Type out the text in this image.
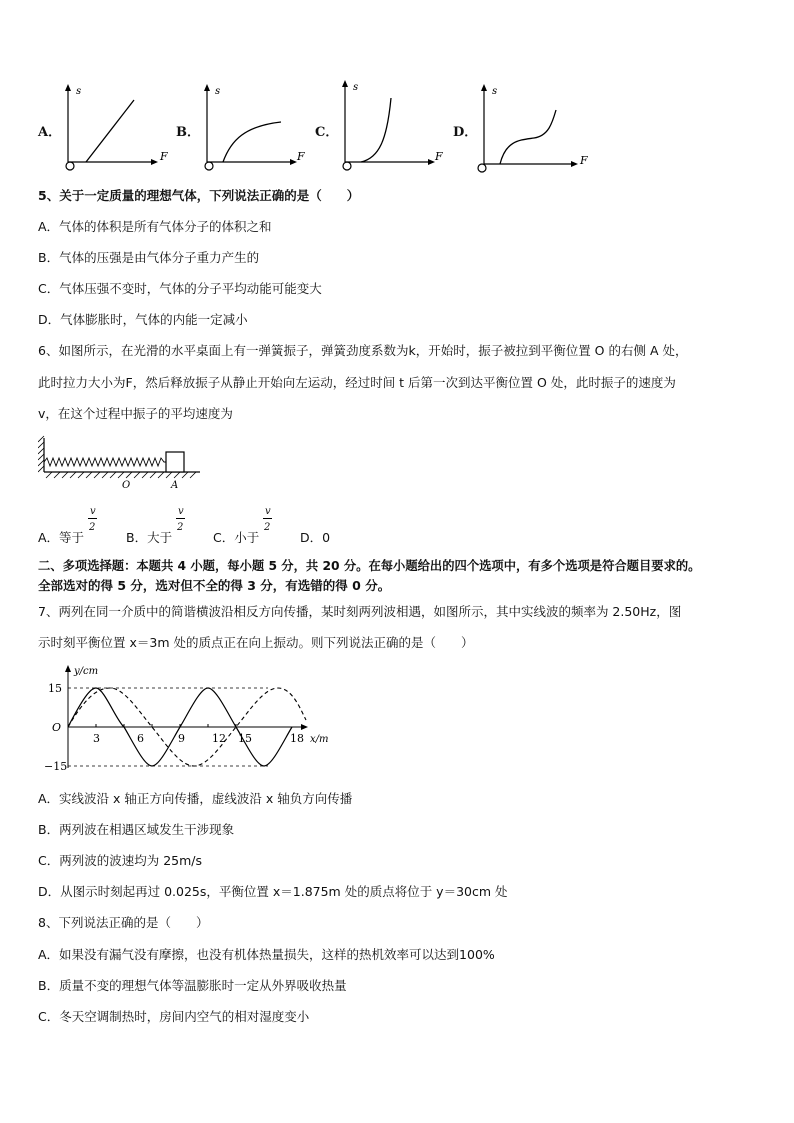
A．	B．	C．	D．
s
F
s
F
s
F
s
F
5、关于一定质量的理想气体，下列说法正确的是（　　）
A．气体的体积是所有气体分子的体积之和
B．气体的压强是由气体分子重力产生的
C．气体压强不变时，气体的分子平均动能可能变大
D．气体膨胀时，气体的内能一定减小
6、如图所示，在光滑的水平桌面上有一弹簧振子，弹簧劲度系数为k，开始时，振子被拉到平衡位置 O 的右侧 A 处，
此时拉力大小为F，然后释放振子从静止开始向左运动，经过时间 t 后第一次到达平衡位置 O 处，此时振子的速度为
v，在这个过程中振子的平均速度为
O	A
A．等于
v
2
B．大于
v
2
C．小于
v
2
D．0
二、多项选择题：本题共 4 小题，每小题 5 分，共 20 分。在每小题给出的四个选项中，有多个选项是符合题目要求的。
全部选对的得 5 分，选对但不全的得 3 分，有选错的得 0 分。
7、两列在同一介质中的简谐横波沿相反方向传播，某时刻两列波相遇，如图所示，其中实线波的频率为 2.50Hz，图
示时刻平衡位置 x＝3m 处的质点正在向上振动。则下列说法正确的是（　　）
y/cm
x/m
O
15
−15
3	6	9 12 15	18
A．实线波沿 x 轴正方向传播，虚线波沿 x 轴负方向传播
B．两列波在相遇区域发生干涉现象
C．两列波的波速均为 25m/s
D．从图示时刻起再过 0.025s，平衡位置 x＝1.875m 处的质点将位于 y＝30cm 处
8、下列说法正确的是（　　）
A．如果没有漏气没有摩擦，也没有机体热量损失，这样的热机效率可以达到100%
B．质量不变的理想气体等温膨胀时一定从外界吸收热量
C．冬天空调制热时，房间内空气的相对湿度变小
